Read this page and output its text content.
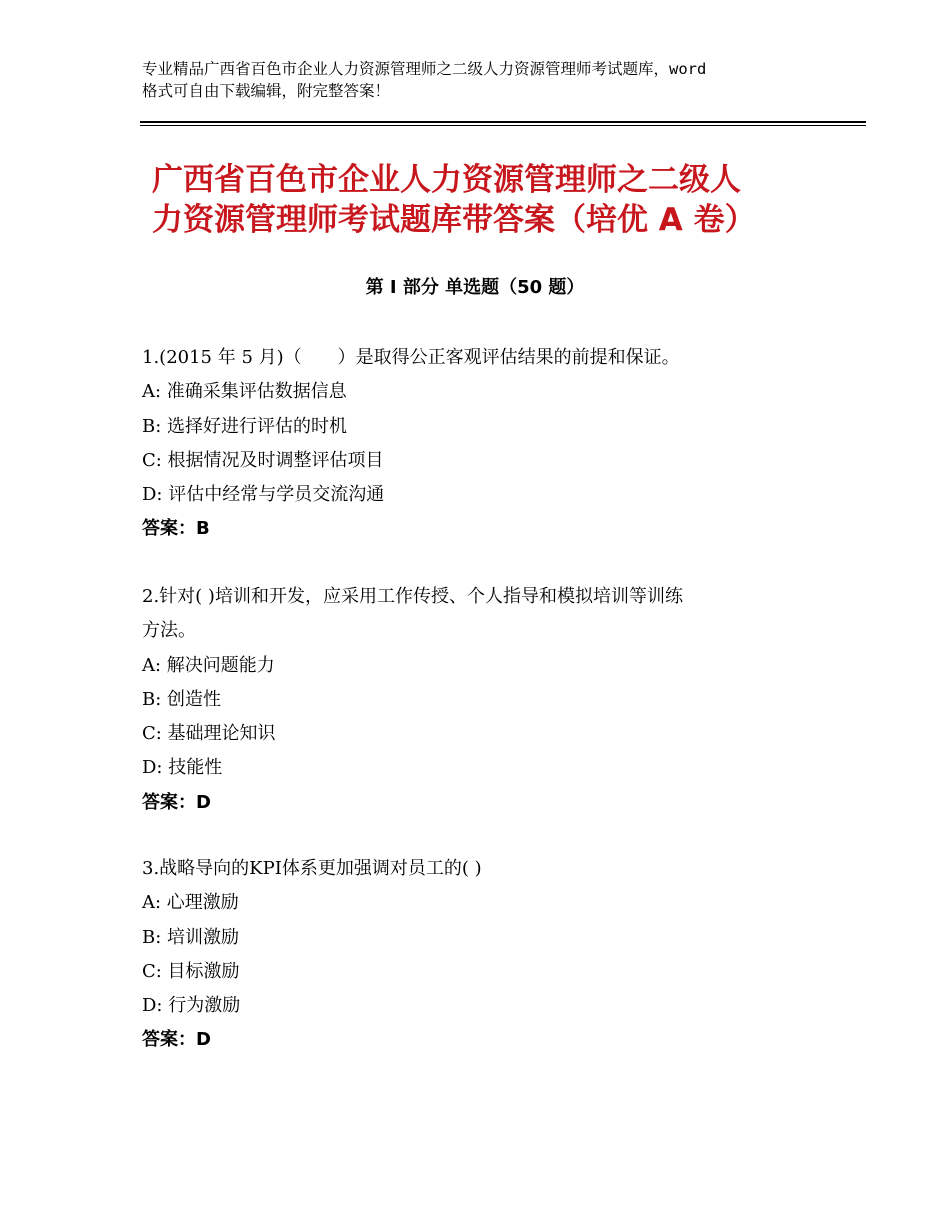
专业精品广西省百色市企业人力资源管理师之二级人力资源管理师考试题库，word
格式可自由下载编辑，附完整答案！
广西省百色市企业人力资源管理师之二级人
力资源管理师考试题库带答案（培优 A 卷）
第 I 部分 单选题（50 题）
1.(2015 年 5 月)（　　）是取得公正客观评估结果的前提和保证。
A: 准确采集评估数据信息
B: 选择好进行评估的时机
C: 根据情况及时调整评估项目
D: 评估中经常与学员交流沟通
答案：B
2.针对( )培训和开发，应采用工作传授、个人指导和模拟培训等训练
方法。
A: 解决问题能力
B: 创造性
C: 基础理论知识
D: 技能性
答案：D
3.战略导向的KPI体系更加强调对员工的( )
A: 心理激励
B: 培训激励
C: 目标激励
D: 行为激励
答案：D
